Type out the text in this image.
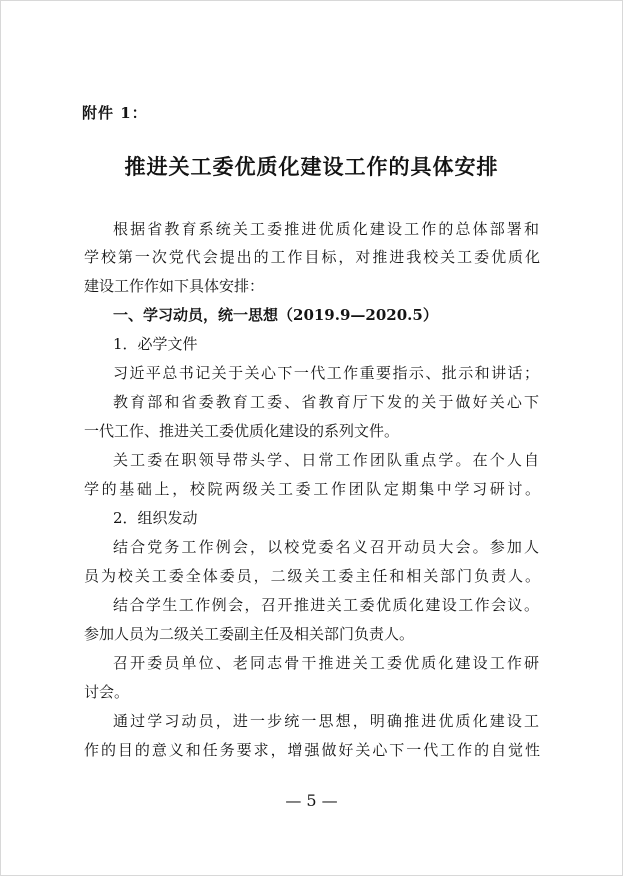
附件 1：
推进关工委优质化建设工作的具体安排
根据省教育系统关工委推进优质化建设工作的总体部署和
学校第一次党代会提出的工作目标，对推进我校关工委优质化
建设工作作如下具体安排：
一、学习动员，统一思想（2019.9—2020.5）
1．必学文件
习近平总书记关于关心下一代工作重要指示、批示和讲话；
教育部和省委教育工委、省教育厅下发的关于做好关心下
一代工作、推进关工委优质化建设的系列文件。
关工委在职领导带头学、日常工作团队重点学。在个人自
学的基础上，校院两级关工委工作团队定期集中学习研讨。
2．组织发动
结合党务工作例会，以校党委名义召开动员大会。参加人
员为校关工委全体委员，二级关工委主任和相关部门负责人。
结合学生工作例会，召开推进关工委优质化建设工作会议。
参加人员为二级关工委副主任及相关部门负责人。
召开委员单位、老同志骨干推进关工委优质化建设工作研
讨会。
通过学习动员，进一步统一思想，明确推进优质化建设工
作的目的意义和任务要求，增强做好关心下一代工作的自觉性
— 5 —
